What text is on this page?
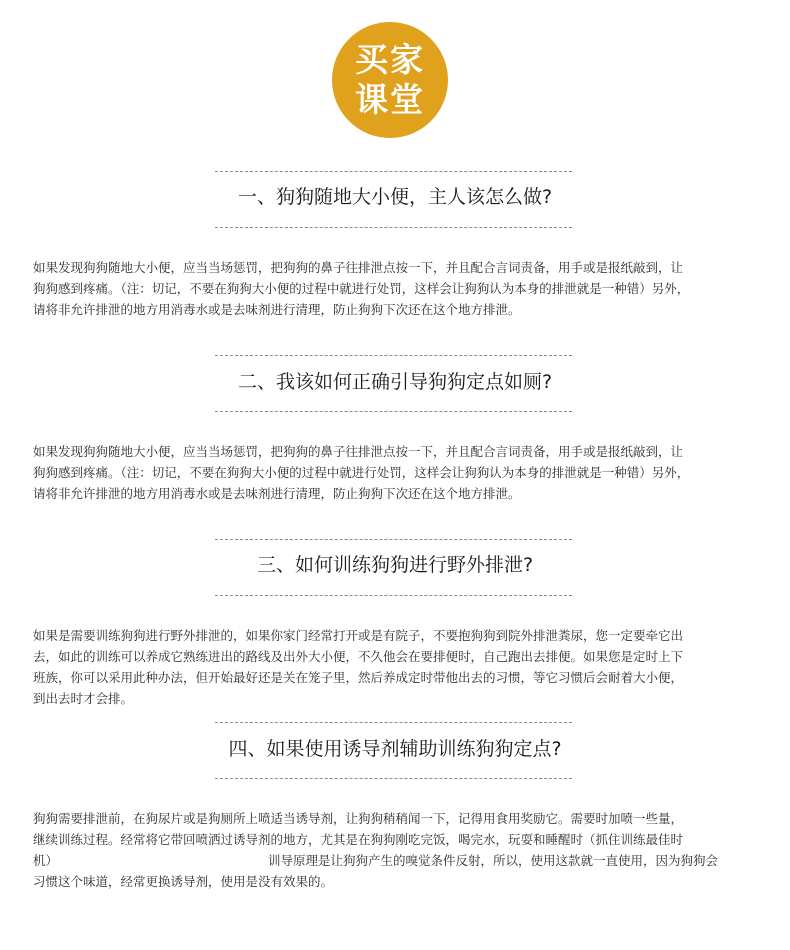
买家
课堂
一、狗狗随地大小便，主人该怎么做?

如果发现狗狗随地大小便，应当当场惩罚，把狗狗的鼻子往排泄点按一下，并且配合言词责备，用手或是报纸敲到，让

狗狗感到疼痛。（注：切记，不要在狗狗大小便的过程中就进行处罚，这样会让狗狗认为本身的排泄就是一种错）另外，

请将非允许排泄的地方用消毒水或是去味剂进行清理，防止狗狗下次还在这个地方排泄。

二、我该如何正确引导狗狗定点如厕?

如果发现狗狗随地大小便，应当当场惩罚，把狗狗的鼻子往排泄点按一下，并且配合言词责备，用手或是报纸敲到，让

狗狗感到疼痛。（注：切记，不要在狗狗大小便的过程中就进行处罚，这样会让狗狗认为本身的排泄就是一种错）另外，

请将非允许排泄的地方用消毒水或是去味剂进行清理，防止狗狗下次还在这个地方排泄。

三、如何训练狗狗进行野外排泄?

如果是需要训练狗狗进行野外排泄的，如果你家门经常打开或是有院子，不要抱狗狗到院外排泄粪尿，您一定要牵它出

去，如此的训练可以养成它熟练进出的路线及出外大小便，不久他会在要排便时，自己跑出去排便。如果您是定时上下

班族，你可以采用此种办法，但开始最好还是关在笼子里，然后养成定时带他出去的习惯，等它习惯后会耐着大小便，

到出去时才会排。

四、如果使用诱导剂辅助训练狗狗定点?

狗狗需要排泄前，在狗尿片或是狗厕所上喷适当诱导剂，让狗狗稍稍闻一下，记得用食用奖励它。需要时加喷一些量，

继续训练过程。经常将它带回喷洒过诱导剂的地方，尤其是在狗狗刚吃完饭，喝完水，玩耍和睡醒时（抓住训练最佳时

机）	训导原理是让狗狗产生的嗅觉条件反射，所以，使用这款就一直使用，因为狗狗会

习惯这个味道，经常更换诱导剂，使用是没有效果的。
